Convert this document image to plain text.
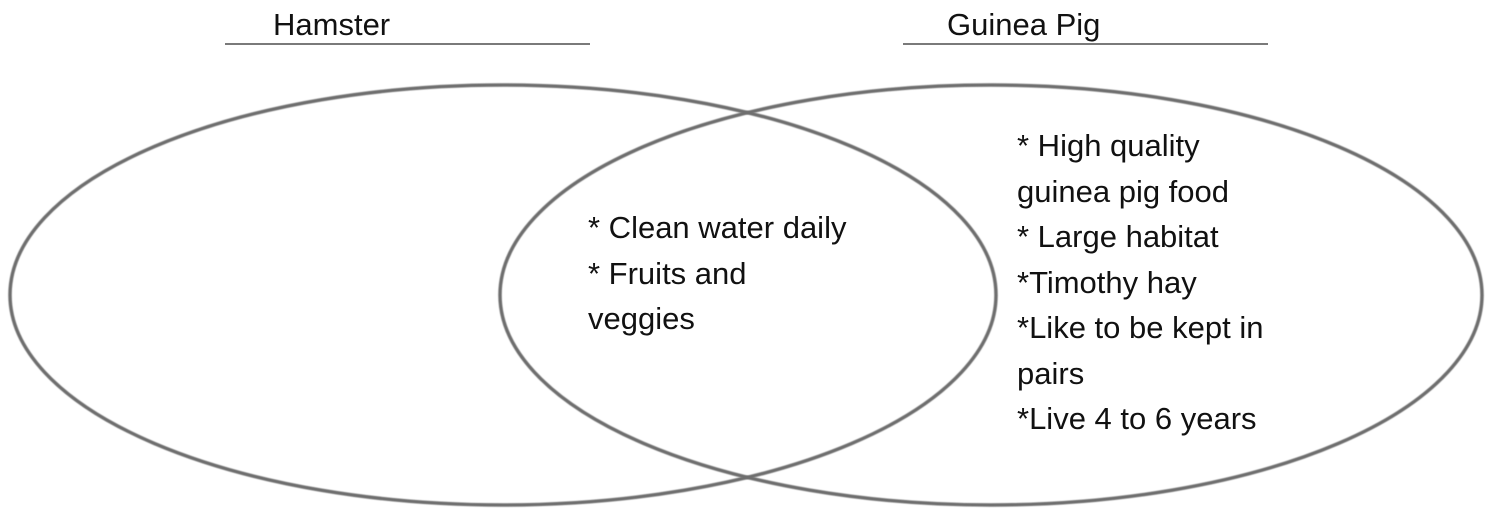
Hamster	Guinea Pig
* Clean water daily
* Fruits and
veggies
* High quality
guinea pig food
* Large habitat
*Timothy hay
*Like to be kept in
pairs
*Live 4 to 6 years
